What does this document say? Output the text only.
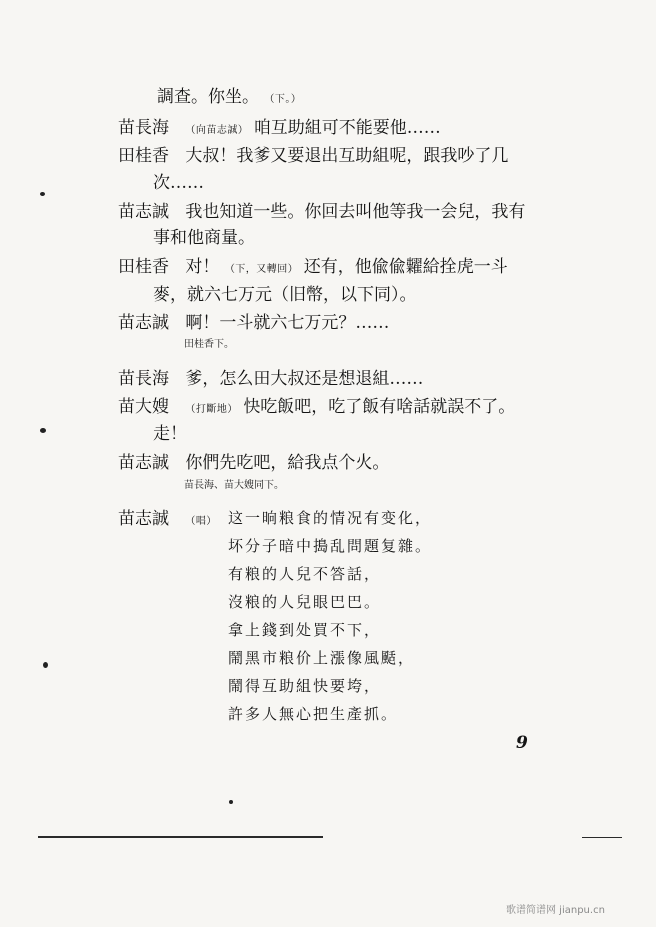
調查。你坐。 （下。）
苗長海 （向苗志誠） 咱互助組可不能要他……
田桂香 大叔！我爹又要退出互助組呢，跟我吵了几
次……
苗志誠 我也知道一些。你回去叫他等我一会兒，我有
事和他商量。
田桂香 对！ （下，又轉回） 还有，他偸偸糶給拴虎一斗
麥，就六七万元（旧幣，以下同）。
苗志誠 啊！一斗就六七万元？……
田桂香下。
苗長海 爹，怎么田大叔还是想退組……
苗大嫂 （打斷地） 快吃飯吧，吃了飯有啥話就誤不了。
走！
苗志誠 你們先吃吧，給我点个火。
苗長海、苗大嫂同下。
苗志誠 （唱） 这一晌粮食的情况有变化，
坏分子暗中搗乱問題复雜。
有粮的人兒不答話，
沒粮的人兒眼巴巴。
拿上錢到处買不下，
鬧黑市粮价上漲像風颳，
鬧得互助組快要垮，
許多人無心把生產抓。
9
歌谱简谱网 jianpu.cn
